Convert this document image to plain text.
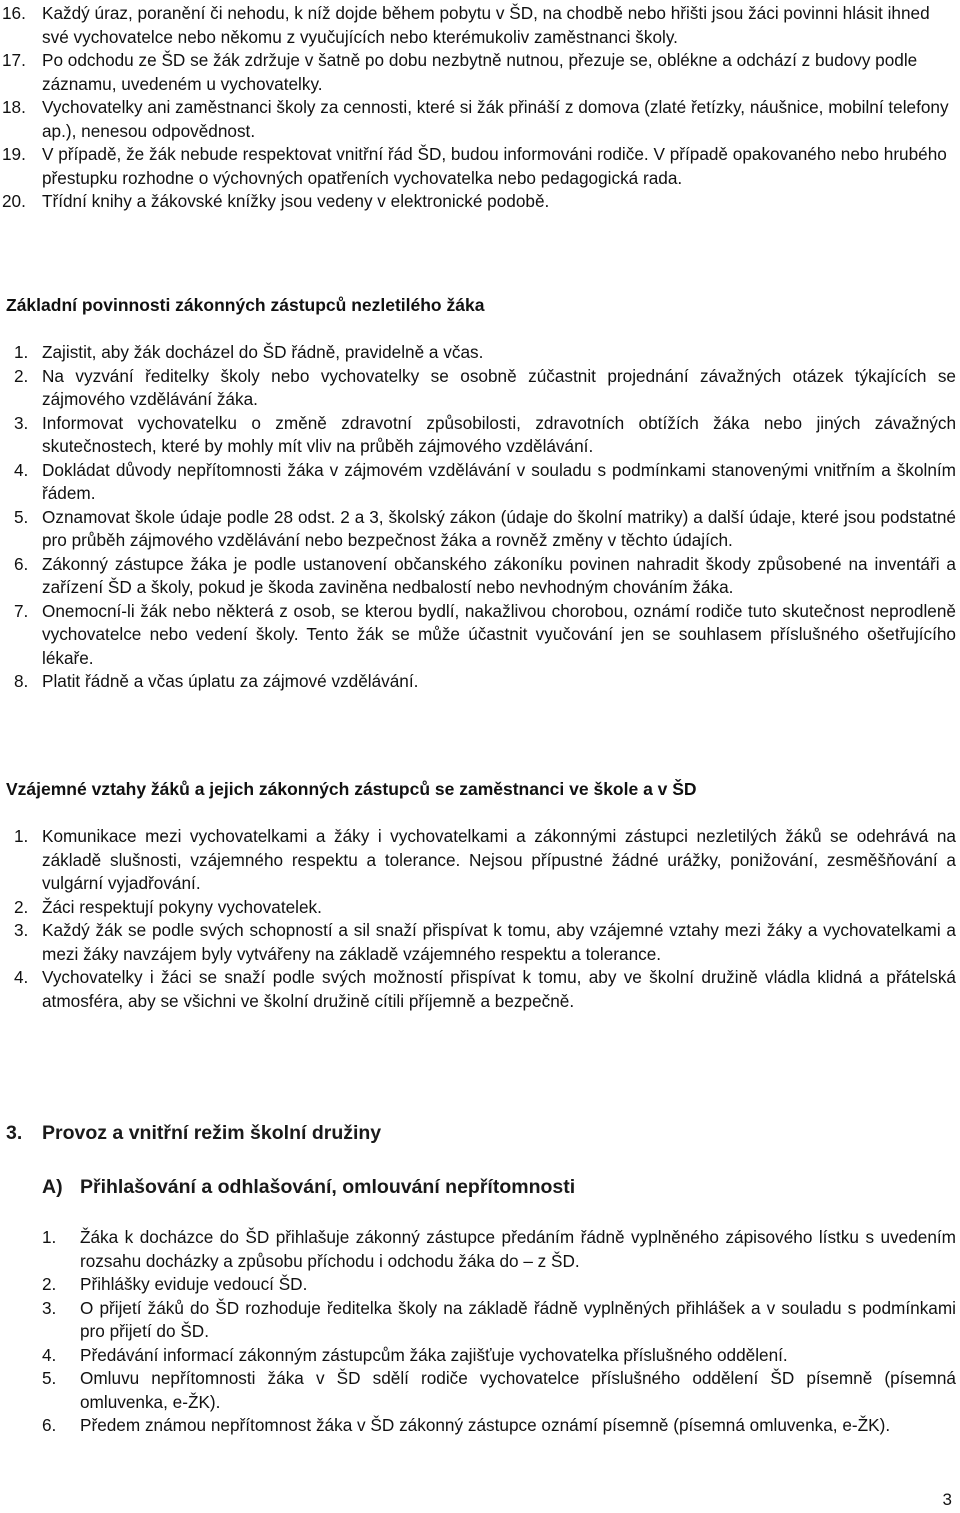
16. Každý úraz, poranění či nehodu, k níž dojde během pobytu v ŠD, na chodbě nebo hřišti jsou žáci povinni hlásit ihned své vychovatelce nebo někomu z vyučujících nebo kterémukoliv zaměstnanci školy.
17. Po odchodu ze ŠD se žák zdržuje v šatně po dobu nezbytně nutnou, přezuje se, oblékne a odchází z budovy podle záznamu, uvedeném u vychovatelky.
18. Vychovatelky ani zaměstnanci školy za cennosti, které si žák přináší z domova (zlaté řetízky, náušnice, mobilní telefony ap.), nenesou odpovědnost.
19. V případě, že žák nebude respektovat vnitřní řád ŠD, budou informováni rodiče. V případě opakovaného nebo hrubého přestupku rozhodne o výchovných opatřeních vychovatelka nebo pedagogická rada.
20. Třídní knihy a žákovské knížky jsou vedeny v elektronické podobě.
Základní povinnosti zákonných zástupců nezletilého žáka
1. Zajistit, aby žák docházel do ŠD řádně, pravidelně a včas.
2. Na vyzvání ředitelky školy nebo vychovatelky se osobně zúčastnit projednání závažných otázek týkajících se zájmového vzdělávání žáka.
3. Informovat vychovatelku o změně zdravotní způsobilosti, zdravotních obtížích žáka nebo jiných závažných skutečnostech, které by mohly mít vliv na průběh zájmového vzdělávání.
4. Dokládat důvody nepřítomnosti žáka v zájmovém vzdělávání v souladu s podmínkami stanovenými vnitřním a školním řádem.
5. Oznamovat škole údaje podle 28 odst. 2 a 3, školský zákon (údaje do školní matriky) a další údaje, které jsou podstatné pro průběh zájmového vzdělávání nebo bezpečnost žáka a rovněž změny v těchto údajích.
6. Zákonný zástupce žáka je podle ustanovení občanského zákoníku povinen nahradit škody způsobené na inventáři a zařízení ŠD a školy, pokud je škoda zaviněna nedbalostí nebo nevhodným chováním žáka.
7. Onemocní-li žák nebo některá z osob, se kterou bydlí, nakažlivou chorobou, oznámí rodiče tuto skutečnost neprodleně vychovatelce nebo vedení školy. Tento žák se může účastnit vyučování jen se souhlasem příslušného ošetřujícího lékaře.
8. Platit řádně a včas úplatu za zájmové vzdělávání.
Vzájemné vztahy žáků a jejich zákonných zástupců se zaměstnanci ve škole a v ŠD
1. Komunikace mezi vychovatelkami a žáky i vychovatelkami a zákonnými zástupci nezletilých žáků se odehrává na základě slušnosti, vzájemného respektu a tolerance. Nejsou přípustné žádné urážky, ponižování, zesměšňování a vulgární vyjadřování.
2. Žáci respektují pokyny vychovatelek.
3. Každý žák se podle svých schopností a sil snaží přispívat k tomu, aby vzájemné vztahy mezi žáky a vychovatelkami a mezi žáky navzájem byly vytvářeny na základě vzájemného respektu a tolerance.
4. Vychovatelky i žáci se snaží podle svých možností přispívat k tomu, aby ve školní družině vládla klidná a přátelská atmosféra, aby se všichni ve školní družině cítili příjemně a bezpečně.
3. Provoz a vnitřní režim školní družiny
A) Přihlašování a odhlašování, omlouvání nepřítomnosti
1. Žáka k docházce do ŠD přihlašuje zákonný zástupce předáním řádně vyplněného zápisového lístku s uvedením rozsahu docházky a způsobu příchodu i odchodu žáka do – z ŠD.
2. Přihlášky eviduje vedoucí ŠD.
3. O přijetí žáků do ŠD rozhoduje ředitelka školy na základě řádně vyplněných přihlášek a v souladu s podmínkami pro přijetí do ŠD.
4. Předávání informací zákonným zástupcům žáka zajišťuje vychovatelka příslušného oddělení.
5. Omluvu nepřítomnosti žáka v ŠD sdělí rodiče vychovatelce příslušného oddělení ŠD písemně (písemná omluvenka, e-ŽK).
6. Předem známou nepřítomnost žáka v ŠD zákonný zástupce oznámí písemně (písemná omluvenka, e-ŽK).
3
